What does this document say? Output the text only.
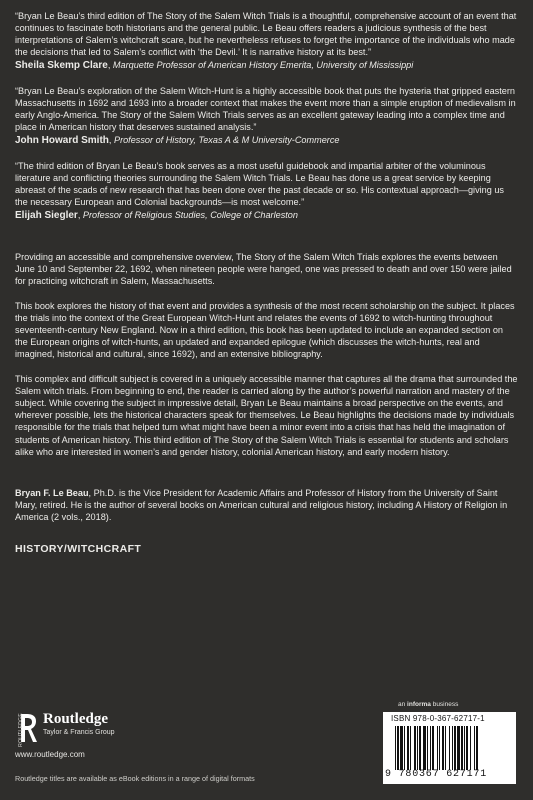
“Bryan Le Beau’s third edition of The Story of the Salem Witch Trials is a thoughtful, comprehensive account of an event that continues to fascinate both historians and the general public. Le Beau offers readers a judicious synthesis of the best interpretations of Salem’s witchcraft scare, but he nevertheless refuses to forget the importance of the individuals who made the decisions that led to Salem’s conflict with ‘the Devil.’ It is narrative history at its best.”

Sheila Skemp Clare, Marquette Professor of American History Emerita, University of Mississippi

“Bryan Le Beau’s exploration of the Salem Witch-Hunt is a highly accessible book that puts the hysteria that gripped eastern Massachusetts in 1692 and 1693 into a broader context that makes the event more than a simple eruption of medievalism in early Anglo-America. The Story of the Salem Witch Trials serves as an excellent gateway leading into a complex time and place in American history that deserves sustained analysis.”

John Howard Smith, Professor of History, Texas A & M University-Commerce

“The third edition of Bryan Le Beau’s book serves as a most useful guidebook and impartial arbiter of the voluminous literature and conflicting theories surrounding the Salem Witch Trials. Le Beau has done us a great service by keeping abreast of the scads of new research that has been done over the past decade or so. His contextual approach—giving us the necessary European and Colonial backgrounds—is most welcome.”

Elijah Siegler, Professor of Religious Studies, College of Charleston

Providing an accessible and comprehensive overview, The Story of the Salem Witch Trials explores the events between June 10 and September 22, 1692, when nineteen people were hanged, one was pressed to death and over 150 were jailed for practicing witchcraft in Salem, Massachusetts.

This book explores the history of that event and provides a synthesis of the most recent scholarship on the subject. It places the trials into the context of the Great European Witch-Hunt and relates the events of 1692 to witch-hunting throughout seventeenth-century New England. Now in a third edition, this book has been updated to include an expanded section on the European origins of witch-hunts, an updated and expanded epilogue (which discusses the witch-hunts, real and imagined, historical and cultural, since 1692), and an extensive bibliography.

This complex and difficult subject is covered in a uniquely accessible manner that captures all the drama that surrounded the Salem witch trials. From beginning to end, the reader is carried along by the author’s powerful narration and mastery of the subject. While covering the subject in impressive detail, Bryan Le Beau maintains a broad perspective on the events, and wherever possible, lets the historical characters speak for themselves. Le Beau highlights the decisions made by individuals responsible for the trials that helped turn what might have been a minor event into a crisis that has held the imagination of students of American history. This third edition of The Story of the Salem Witch Trials is essential for students and scholars alike who are interested in women’s and gender history, colonial American history, and early modern history.

Bryan F. Le Beau, Ph.D. is the Vice President for Academic Affairs and Professor of History from the University of Saint Mary, retired. He is the author of several books on American cultural and religious history, including A History of Religion in America (2 vols., 2018).

HISTORY/WITCHCRAFT

ROUTLEDGE Routledge
Taylor & Francis Group
www.routledge.com
Routledge titles are available as eBook editions in a range of digital formats
an informa business
ISBN 978-0-367-62717-1
9 780367 627171
